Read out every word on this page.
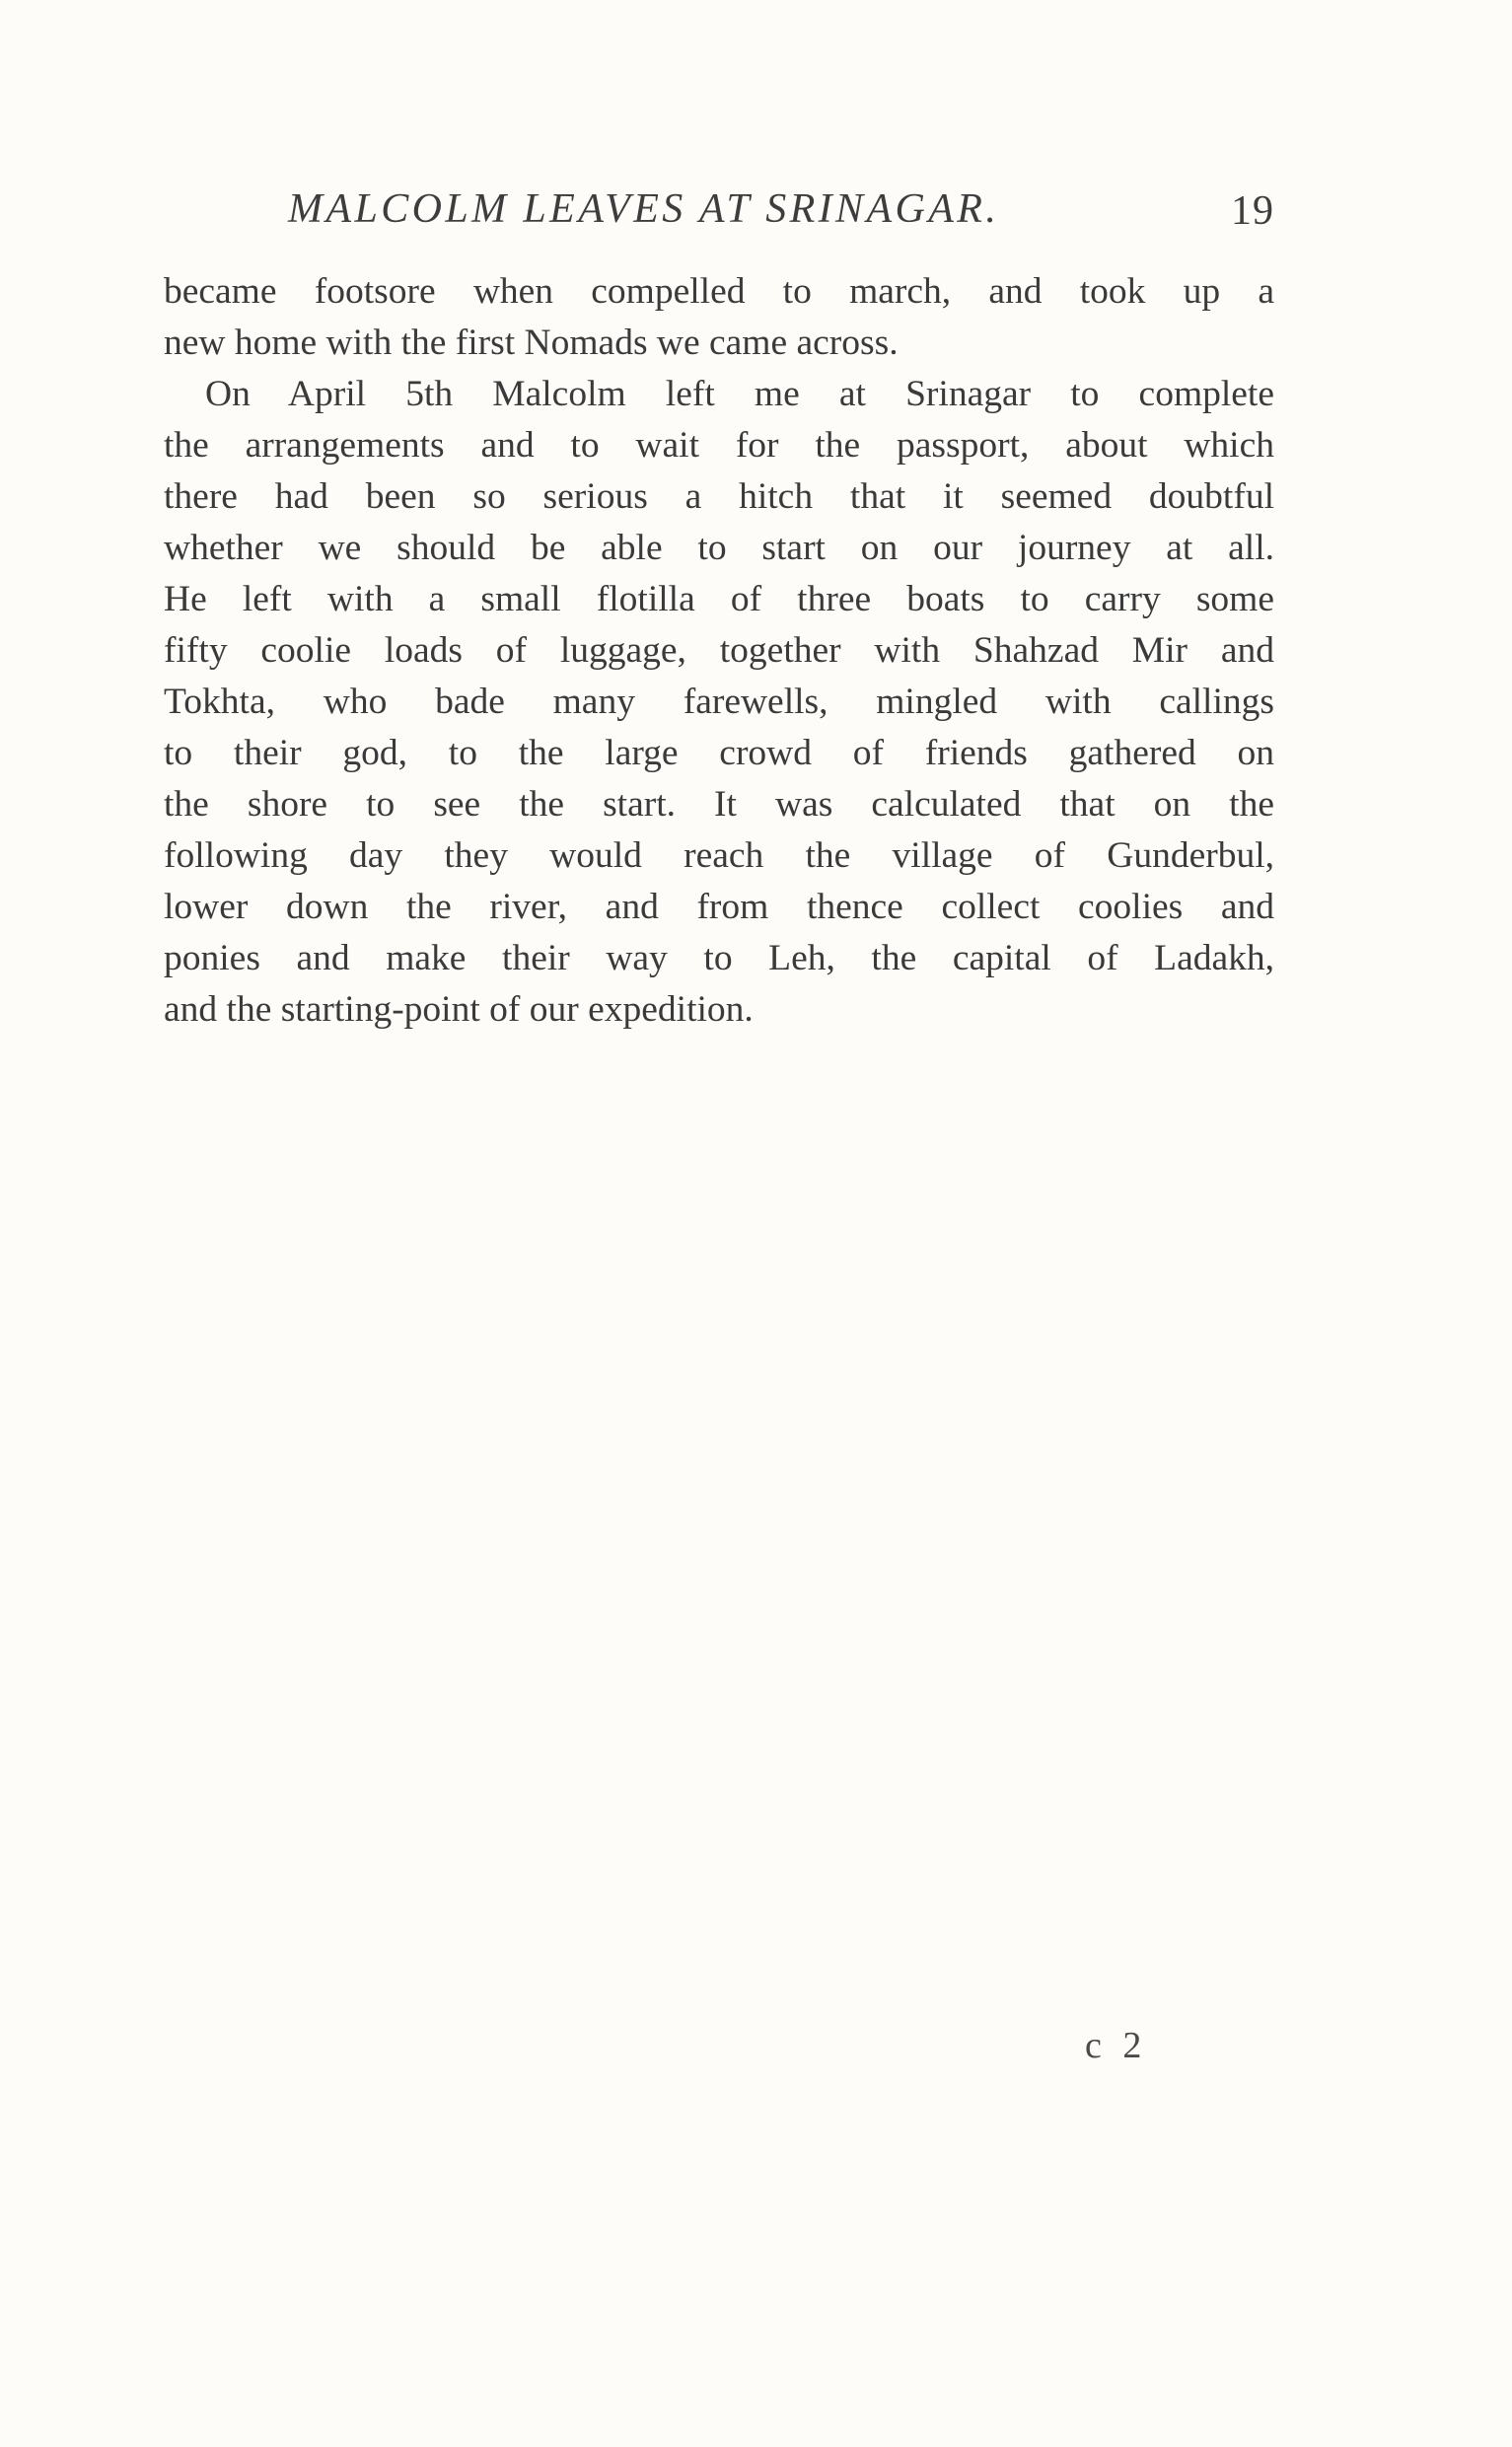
MALCOLM LEAVES AT SRINAGAR.	19
became footsore when compelled to march, and took up a
new home with the first Nomads we came across.
On April 5th Malcolm left me at Srinagar to complete
the arrangements and to wait for the passport, about which
there had been so serious a hitch that it seemed doubtful
whether we should be able to start on our journey at all.
He left with a small flotilla of three boats to carry some
fifty coolie loads of luggage, together with Shahzad Mir and
Tokhta, who bade many farewells, mingled with callings
to their god, to the large crowd of friends gathered on
the shore to see the start. It was calculated that on the
following day they would reach the village of Gunderbul,
lower down the river, and from thence collect coolies and
ponies and make their way to Leh, the capital of Ladakh,
and the starting-point of our expedition.
c 2
